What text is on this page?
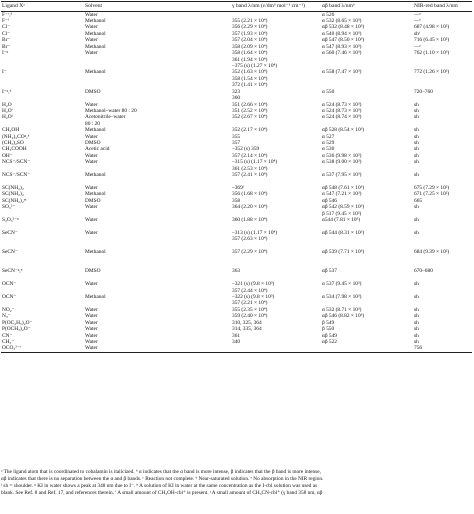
Ligand Xᵃ	Solvent	γ band λ/nm (ε/dm³ mol⁻¹ cm⁻¹)	αβ band λ/nmᵇ	NIR-red band λ/nm
F⁻ᶜ,ᵈ	Water		α 526	—ᵉ
F⁻ᶠ	Methanol	355 (2.21 × 10⁴)	α 532 (8.65 × 10³)	—ᵉ
Cl⁻	Water	356 (2.29 × 10⁴)	αβ 532 (8.48 × 10³)	687 (4.98 × 10²)
Cl⁻	Methanol	357 (1.93 × 10⁴)	α 540 (8.94 × 10³)	shᶠ
Br⁻	Water	357 (2.04 × 10⁴)	αβ 547 (8.50 × 10³)	716 (6.45 × 10²)
Br⁻	Methanol	358 (2.09 × 10⁴)	α 547 (8.93 × 10³)	—ᵉ
I⁻ᵍ	Water	358 (1.64 × 10⁴)	α 560 (7.46 × 10³)	762 (1.10 × 10³)
		361 (1.94 × 10⁴)		
		–375 (s) (1.27 × 10⁴)		
I⁻	Methanol	352 (1.63 × 10⁴)	α 558 (7.47 × 10³)	772 (1.26 × 10³)
		358 (1.54 × 10⁴)		
		372 (1.41 × 10⁴)		
I⁻ᵍ,ʰ	DMSO	323	α 550	720–760
		360		
H₂O	Water	351 (2.66 × 10⁴)	α 524 (8.73 × 10³)	sh
H₂Oⁱ	Methanol–water 80 : 20	351 (2.52 × 10⁴)	α 524 (8.73 × 10³)	sh
H₂Oʲ	Acetonitrile–water	352 (2.67 × 10⁴)	α 524 (8.74 × 10³)	sh
	80 : 20			
CH₃OH	Methanol	352 (2.17 × 10⁴)	αβ 528 (8.54 × 10³)	sh
(NH₂)₂COᵍ,ᵏ	Water	355	α 527	sh
(CH₃)₂SO	DMSO	357	α 529	sh
CH₃COOH	Acetic acid	–352 (s) 359	α 530	sh
OH⁻	Water	357 (2.14 × 10⁴)	α 536 (9.98 × 10³)	sh
NCS⁻/SCN⁻	Water	–315 (s) (1.17 × 10⁴)	α 538 (9.00 × 10³)	sh
		361 (2.53 × 10⁴)		
NCS⁻/SCN⁻	Methanol	357 (2.41 × 10⁴)	α 537 (7.95 × 10³)	sh

SC(NH₂)₂	Water	–369ˡ	αβ 548 (7.61 × 10³)	675 (7.29 × 10²)
SC(NH₂)₂	Methanol	356 (1.68 × 10⁴)	α 547 (7.21 × 10³)	671 (7.25 × 10²)
SC(NH₂)₂ᵐ	DMSO	358	αβ 546	665
SO₃²⁻	Water	364 (2.20 × 10⁴)	αβ 542 (8.59 × 10³)	sh
			β 517 (9.45 × 10³)	
S₂O₃²⁻ᵍ	Water	360 (1.88 × 10⁴)	α544 (7.81 × 10³)	sh

SeCN⁻	Water	–313 (s) (1.17 × 10⁴)	αβ 544 (8.31 × 10³)	sh
		357 (2.63 × 10⁴)		

SeCN⁻	Methanol	357 (2.29 × 10⁴)	αβ 539 (7.71 × 10³)	684 (9.39 × 10²)

SeCN⁻ᵍ,ⁿ	DMSO	363	αβ 537	670–680

OCN⁻	Water	–321 (s) (9.8 × 10³)	α 537 (9.45 × 10³)	sh
		357 (2.44 × 10⁴)		
OCN⁻	Methanol	–322 (s) (9.8 × 10³)	α 534 (7.98 × 10³)	sh
		357 (2.21 × 10⁴)		
NO₂⁻	Water	355 (2.35 × 10⁴)	α 532 (8.71 × 10³)	sh
N₃⁻	Water	359 (2.40 × 10⁴)	αβ 546 (8.82 × 10³)	sh
P(OC₂H₅)₂O⁻	Water	310, 325, 364	β 549	sh
P(OCH₃)₂O⁻	Water	314, 335, 364	β 550	sh
CN⁻	Water	361	αβ 549	sh
CH₃⁻	Water	340	αβ 522	sh
OCO₃²⁻ʳ	Water			756
ᵃ The ligand atom that is coordinated to cobalamin is italicized. ᵇ α indicates that the α band is more intense, β indicates that the β band is more intense,
αβ indicates that there is no separation between the α and β bands. ᶜ Reaction not complete. ᵈ Near-saturated solution. ᵉ No absorption in the NIR region.
ᶠ sh = shoulder. ᵍ KI in water shows a peak at 348 nm due to I⁻. ʰ A solution of KI in water at the same concentration as the I-cbl solution was used as
blank. See Ref. 8 and Ref. 17, and references therein. ⁱ A small amount of CH₃OH-cbl⁺ is present. ʲ A small amount of CH₃CN-cbl⁺ (γ band 358 nm, αβ
